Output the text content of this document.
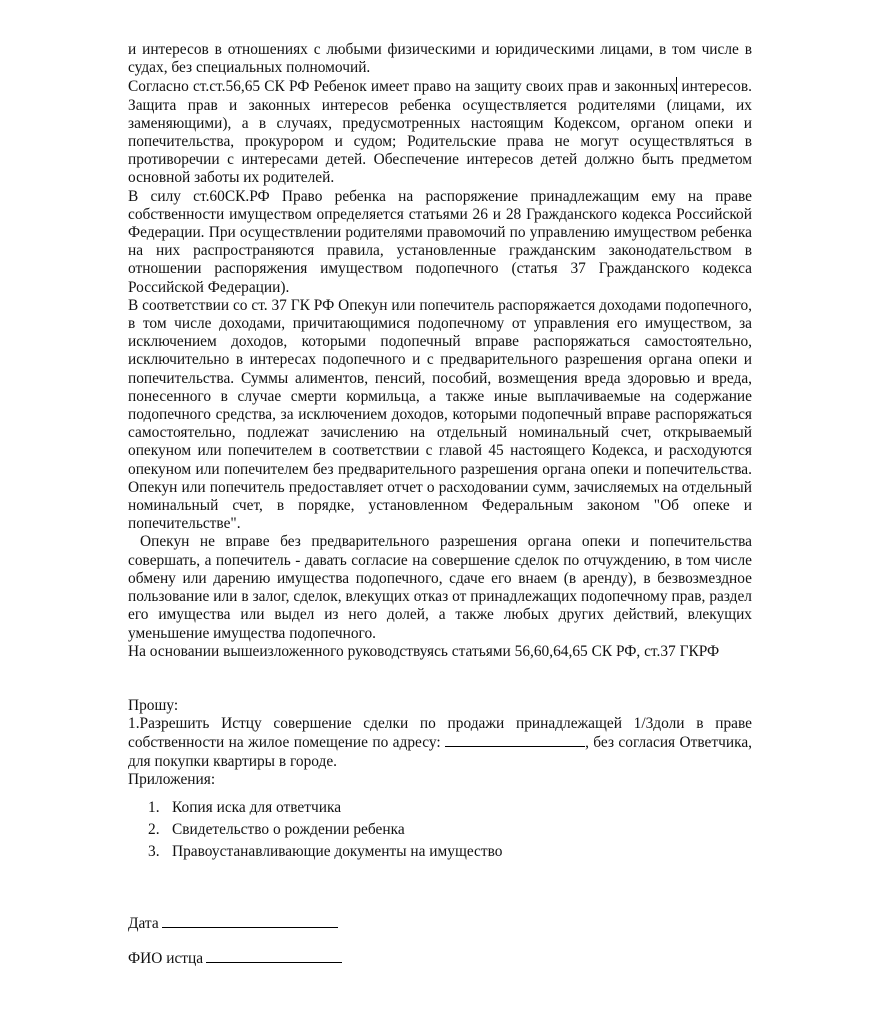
и интересов в отношениях с любыми физическими и юридическими лицами, в том числе в судах, без специальных полномочий.

Согласно ст.ст.56,65 СК РФ Ребенок имеет право на защиту своих прав и законных интересов. Защита прав и законных интересов ребенка осуществляется родителями (лицами, их заменяющими), а в случаях, предусмотренных настоящим Кодексом, органом опеки и попечительства, прокурором и судом; Родительские права не могут осуществляться в противоречии с интересами детей. Обеспечение интересов детей должно быть предметом основной заботы их родителей.

В силу ст.60СК.РФ Право ребенка на распоряжение принадлежащим ему на праве собственности имуществом определяется статьями 26 и 28 Гражданского кодекса Российской Федерации. При осуществлении родителями правомочий по управлению имуществом ребенка на них распространяются правила, установленные гражданским законодательством в отношении распоряжения имуществом подопечного (статья 37 Гражданского кодекса Российской Федерации).

В соответствии со ст. 37 ГК РФ Опекун или попечитель распоряжается доходами подопечного, в том числе доходами, причитающимися подопечному от управления его имуществом, за исключением доходов, которыми подопечный вправе распоряжаться самостоятельно, исключительно в интересах подопечного и с предварительного разрешения органа опеки и попечительства. Суммы алиментов, пенсий, пособий, возмещения вреда здоровью и вреда, понесенного в случае смерти кормильца, а также иные выплачиваемые на содержание подопечного средства, за исключением доходов, которыми подопечный вправе распоряжаться самостоятельно, подлежат зачислению на отдельный номинальный счет, открываемый опекуном или попечителем в соответствии с главой 45 настоящего Кодекса, и расходуются опекуном или попечителем без предварительного разрешения органа опеки и попечительства. Опекун или попечитель предоставляет отчет о расходовании сумм, зачисляемых на отдельный номинальный счет, в порядке, установленном Федеральным законом "Об опеке и попечительстве".

Опекун не вправе без предварительного разрешения органа опеки и попечительства совершать, а попечитель - давать согласие на совершение сделок по отчуждению, в том числе обмену или дарению имущества подопечного, сдаче его внаем (в аренду), в безвозмездное пользование или в залог, сделок, влекущих отказ от принадлежащих подопечному прав, раздел его имущества или выдел из него долей, а также любых других действий, влекущих уменьшение имущества подопечного.

На основании вышеизложенного руководствуясь статьями 56,60,64,65 СК РФ, ст.37 ГКРФ

Прошу:

1.Разрешить Истцу совершение сделки по продажи принадлежащей 1/3доли в праве собственности на жилое помещение по адресу:	, без согласия Ответчика, для покупки квартиры в городе.

Приложения:

1. Копия иска для ответчика
2. Свидетельство о рождении ребенка
3. Правоустанавливающие документы на имущество
Дата
ФИО истца
